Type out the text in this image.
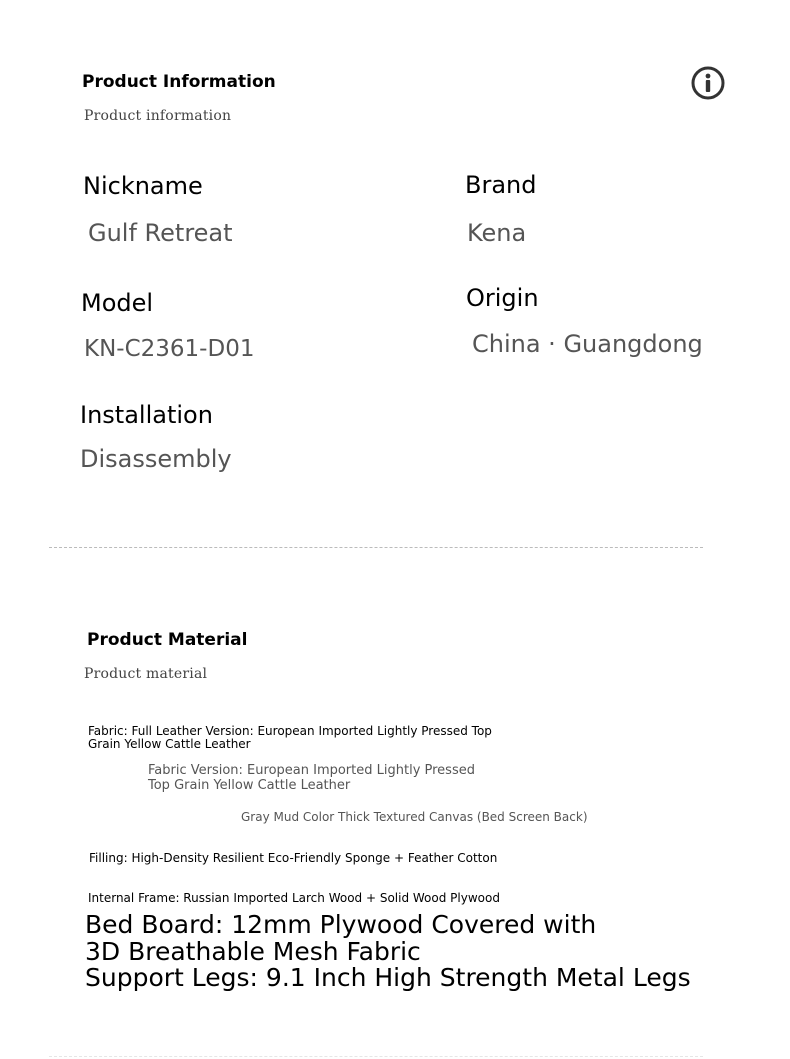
Product Information
Product information
Nickname
Gulf Retreat
Brand
Kena
Model
KN-C2361-D01
Origin
China · Guangdong
Installation
Disassembly
Product Material
Product material
Fabric: Full Leather Version: European Imported Lightly Pressed Top Grain Yellow Cattle Leather
Fabric Version: European Imported Lightly Pressed Top Grain Yellow Cattle Leather
Gray Mud Color Thick Textured Canvas (Bed Screen Back)
Filling: High-Density Resilient Eco-Friendly Sponge + Feather Cotton
Internal Frame: Russian Imported Larch Wood + Solid Wood Plywood
Bed Board: 12mm Plywood Covered with 3D Breathable Mesh Fabric
Support Legs: 9.1 Inch High Strength Metal Legs
